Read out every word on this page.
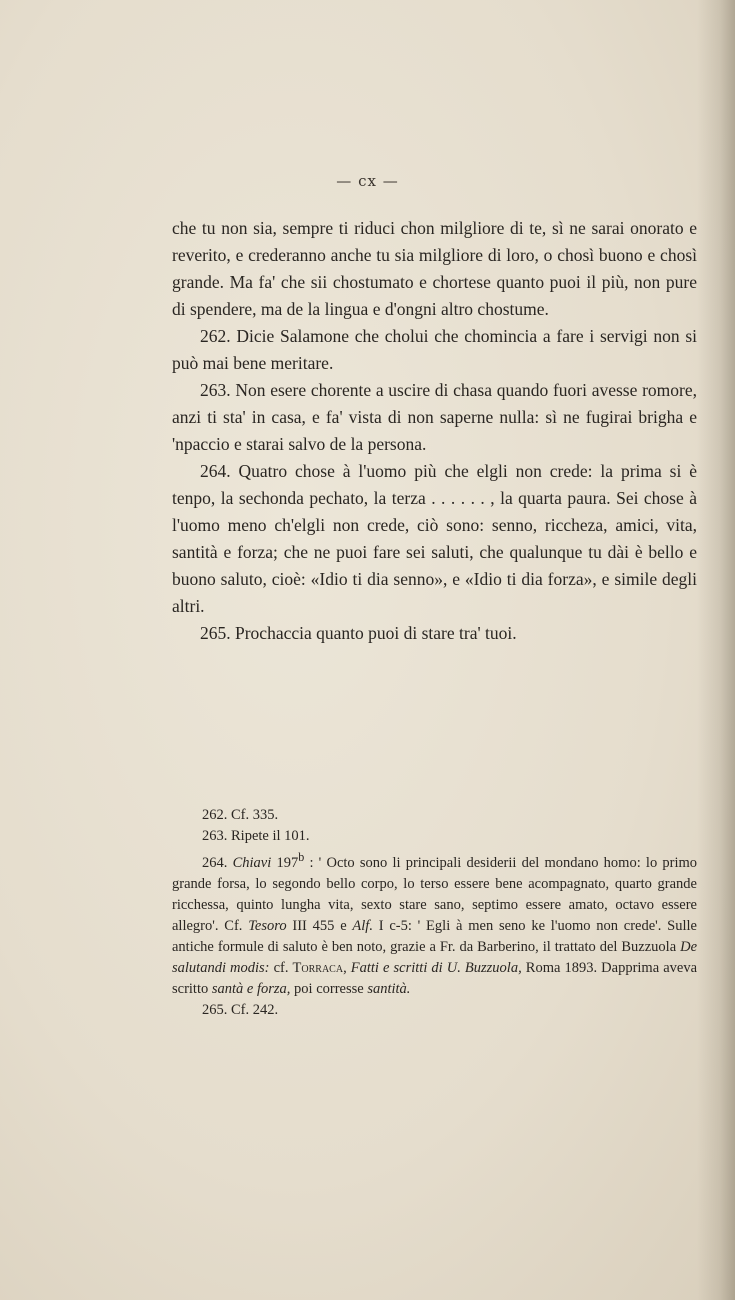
— cx —

che tu non sia, sempre ti riduci chon milgliore di te, sì ne sarai onorato e reverito, e crederanno anche tu sia milgliore di loro, o chosì buono e chosì grande. Ma fa' che sii chostumato e chortese quanto puoi il più, non pure di spendere, ma de la lingua e d'ongni altro chostume.

262. Dicie Salamone che cholui che chomincia a fare i servigi non si può mai bene meritare.

263. Non esere chorente a uscire di chasa quando fuori avesse romore, anzi ti sta' in casa, e fa' vista di non saperne nulla: sì ne fugirai brigha e 'npaccio e starai salvo de la persona.

264. Quatro chose à l'uomo più che elgli non crede: la prima si è tenpo, la sechonda pechato, la terza . . . . . . , la quarta paura. Sei chose à l'uomo meno ch'elgli non crede, ciò sono: senno, riccheza, amici, vita, santità e forza; che ne puoi fare sei saluti, che qualunque tu dài è bello e buono saluto, cioè: «Idio ti dia senno», e «Idio ti dia forza», e simile degli altri.

265. Prochaccia quanto puoi di stare tra' tuoi.

262. Cf. 335.

263. Ripete il 101.

264. Chiavi 197$^b$ : ' Octo sono li principali desiderii del mondano homo: lo primo grande forsa, lo segondo bello corpo, lo terso essere bene acompagnato, quarto grande ricchessa, quinto lungha vita, sexto stare sano, septimo essere amato, octavo essere allegro'. Cf. Tesoro III 455 e Alf. I c-5: ' Egli à men seno ke l'uomo non crede'. Sulle antiche formule di saluto è ben noto, grazie a Fr. da Barberino, il trattato del Buzzuola De salutandi modis: cf. Torraca, Fatti e scritti di U. Buzzuola, Roma 1893. Dapprima aveva scritto santà e forza, poi corresse santità.

265. Cf. 242.
